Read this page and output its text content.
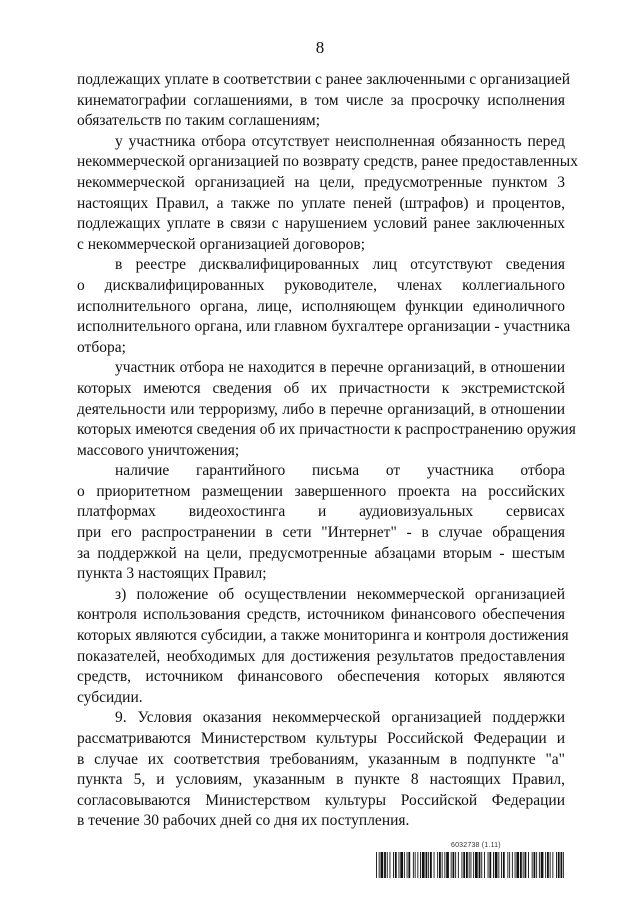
8
подлежащих уплате в соответствии с ранее заключенными с организацией
кинематографии соглашениями, в том числе за просрочку исполнения
обязательств по таким соглашениям;
у участника отбора отсутствует неисполненная обязанность перед
некоммерческой организацией по возврату средств, ранее предоставленных
некоммерческой организацией на цели, предусмотренные пунктом 3
настоящих Правил, а также по уплате пеней (штрафов) и процентов,
подлежащих уплате в связи с нарушением условий ранее заключенных
с некоммерческой организацией договоров;
в реестре дисквалифицированных лиц отсутствуют сведения
о дисквалифицированных руководителе, членах коллегиального
исполнительного органа, лице, исполняющем функции единоличного
исполнительного органа, или главном бухгалтере организации - участника
отбора;
участник отбора не находится в перечне организаций, в отношении
которых имеются сведения об их причастности к экстремистской
деятельности или терроризму, либо в перечне организаций, в отношении
которых имеются сведения об их причастности к распространению оружия
массового уничтожения;
наличие гарантийного письма от участника отбора
о приоритетном размещении завершенного проекта на российских
платформах видеохостинга и аудиовизуальных сервисах
при его распространении в сети "Интернет" - в случае обращения
за поддержкой на цели, предусмотренные абзацами вторым - шестым
пункта 3 настоящих Правил;
з) положение об осуществлении некоммерческой организацией
контроля использования средств, источником финансового обеспечения
которых являются субсидии, а также мониторинга и контроля достижения
показателей, необходимых для достижения результатов предоставления
средств, источником финансового обеспечения которых являются
субсидии.
9. Условия оказания некоммерческой организацией поддержки
рассматриваются Министерством культуры Российской Федерации и
в случае их соответствия требованиям, указанным в подпункте "а"
пункта 5, и условиям, указанным в пункте 8 настоящих Правил,
согласовываются Министерством культуры Российской Федерации
в течение 30 рабочих дней со дня их поступления.
6032738 (1.11)
